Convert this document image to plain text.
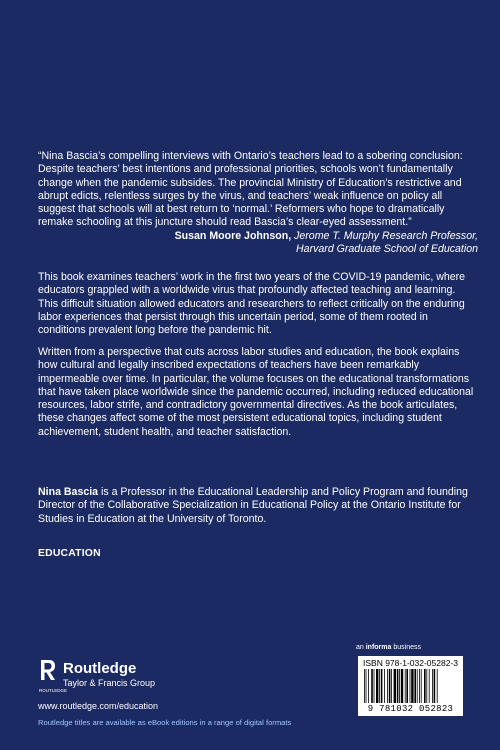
“Nina Bascia’s compelling interviews with Ontario’s teachers lead to a sobering conclusion: Despite teachers’ best intentions and professional priorities, schools won’t fundamentally change when the pandemic subsides. The provincial Ministry of Education’s restrictive and abrupt edicts, relentless surges by the virus, and teachers’ weak influence on policy all suggest that schools will at best return to ‘normal.’ Reformers who hope to dramatically remake schooling at this juncture should read Bascia’s clear-eyed assessment.”
Susan Moore Johnson, Jerome T. Murphy Research Professor,
Harvard Graduate School of Education
This book examines teachers’ work in the first two years of the COVID-19 pandemic, where educators grappled with a worldwide virus that profoundly affected teaching and learning. This difficult situation allowed educators and researchers to reflect critically on the enduring labor experiences that persist through this uncertain period, some of them rooted in conditions prevalent long before the pandemic hit.
Written from a perspective that cuts across labor studies and education, the book explains how cultural and legally inscribed expectations of teachers have been remarkably impermeable over time. In particular, the volume focuses on the educational transformations that have taken place worldwide since the pandemic occurred, including reduced educational resources, labor strife, and contradictory governmental directives. As the book articulates, these changes affect some of the most persistent educational topics, including student achievement, student health, and teacher satisfaction.
Nina Bascia is a Professor in the Educational Leadership and Policy Program and founding Director of the Collaborative Specialization in Educational Policy at the Ontario Institute for Studies in Education at the University of Toronto.
EDUCATION
ROUTLEDGE
Routledge
Taylor & Francis Group
www.routledge.com/education
Routledge titles are available as eBook editions in a range of digital formats
an informa business
ISBN 978-1-032-05282-3
9 781032 052823
